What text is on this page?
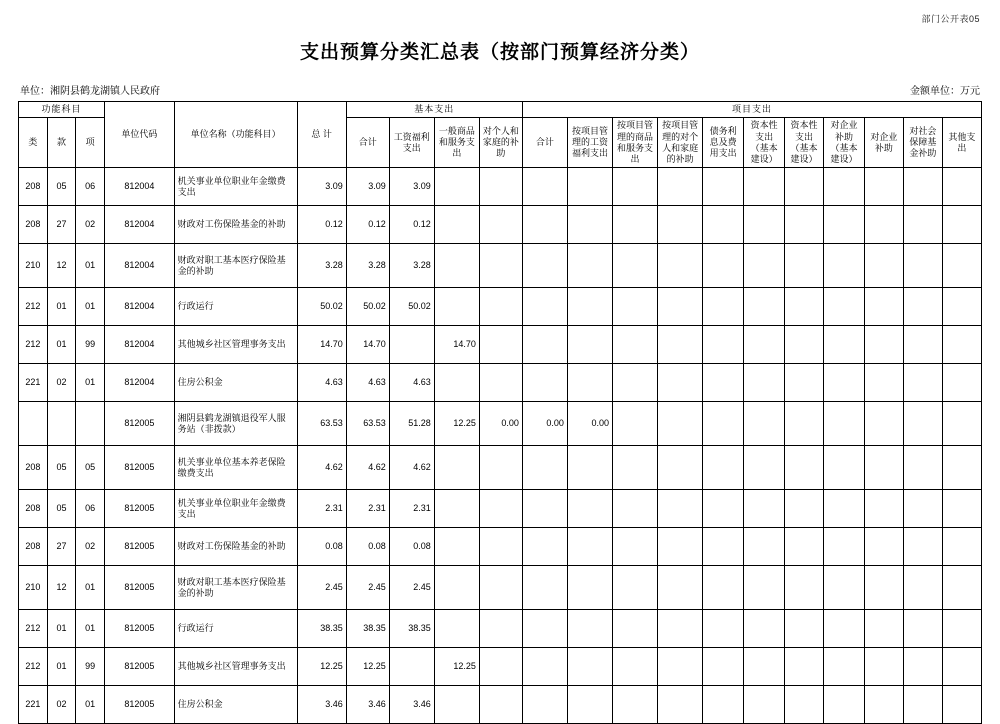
部门公开表05
支出预算分类汇总表（按部门预算经济分类）
单位：湘阴县鹤龙湖镇人民政府	金额单位：万元
功能科目			单位代码	单位名称（功能科目）	总 计	基本支出				项目支出										
						合计	工资福利支出	一般商品和服务支出	对个人和家庭的补助	合计	按项目管理的工资福利支出	按项目管理的商品和服务支出	按项目管理的对个人和家庭的补助	债务利息及费用支出	资本性支出（基本建设）	资本性支出（基本建设）	对企业补助（基本建设）	对企业补助	对社会保障基金补助	其他支出
类	款	项																		
208	05	06	812004	机关事业单位职业年金缴费支出	3.09	3.09	3.09													
208	27	02	812004	财政对工伤保险基金的补助	0.12	0.12	0.12													
210	12	01	812004	财政对职工基本医疗保险基金的补助	3.28	3.28	3.28													
212	01	01	812004	行政运行	50.02	50.02	50.02													
212	01	99	812004	其他城乡社区管理事务支出	14.70	14.70		14.70												
221	02	01	812004	住房公积金	4.63	4.63	4.63													
			812005	湘阴县鹤龙湖镇退役军人服务站（非拨款）	63.53	63.53	51.28	12.25	0.00	0.00	0.00									
208	05	05	812005	机关事业单位基本养老保险缴费支出	4.62	4.62	4.62													
208	05	06	812005	机关事业单位职业年金缴费支出	2.31	2.31	2.31													
208	27	02	812005	财政对工伤保险基金的补助	0.08	0.08	0.08													
210	12	01	812005	财政对职工基本医疗保险基金的补助	2.45	2.45	2.45													
212	01	01	812005	行政运行	38.35	38.35	38.35													
212	01	99	812005	其他城乡社区管理事务支出	12.25	12.25		12.25												
221	02	01	812005	住房公积金	3.46	3.46	3.46													
